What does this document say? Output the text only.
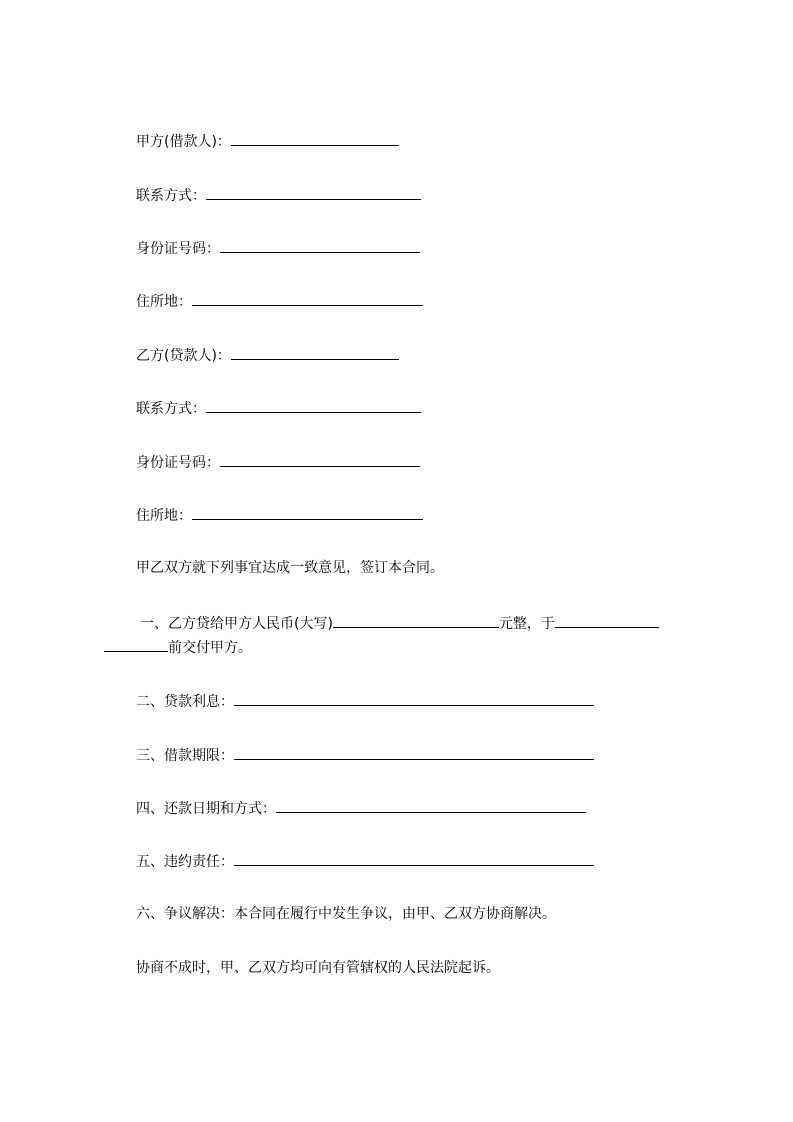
甲方(借款人)：
联系方式：
身份证号码：
住所地：
乙方(贷款人)：
联系方式：
身份证号码：
住所地：
甲乙双方就下列事宜达成一致意见，签订本合同。
一、乙方贷给甲方人民币(大写)	元整，于
前交付甲方。
二、贷款利息：
三、借款期限：
四、还款日期和方式：
五、违约责任：
六、争议解决：本合同在履行中发生争议，由甲、乙双方协商解决。
协商不成时，甲、乙双方均可向有管辖权的人民法院起诉。
